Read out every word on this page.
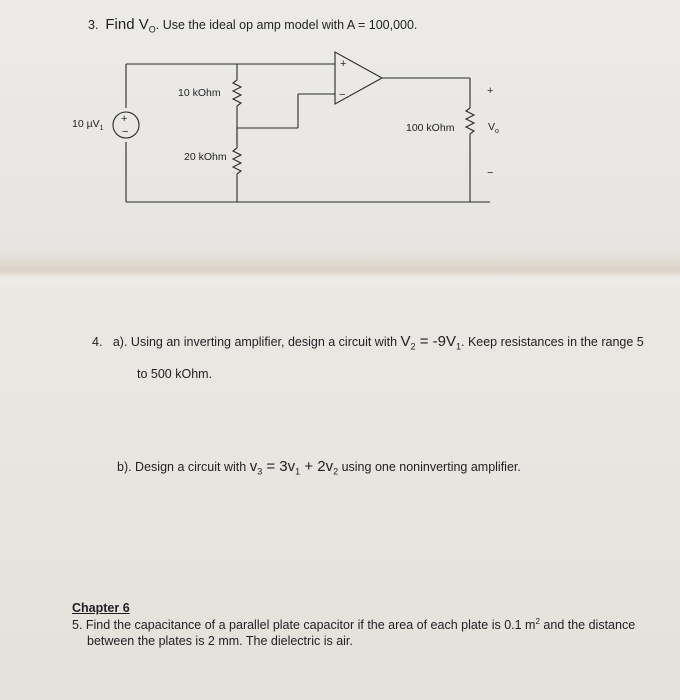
3. Find $V_O$. Use the ideal op amp model with A = 100,000.
+
−
+
−
+
−
10 µV$_1$
10 kOhm
20 kOhm
100 kOhm	$V_o$
4. a). Using an inverting amplifier, design a circuit with $V_2 = -9V_1$. Keep resistances in the range 5
to 500 kOhm.
b). Design a circuit with $v_3 = 3v_1 + 2v_2$ using one noninverting amplifier.
Chapter 6
5. Find the capacitance of a parallel plate capacitor if the area of each plate is 0.1 $m^2$ and the distance
between the plates is 2 mm. The dielectric is air.
